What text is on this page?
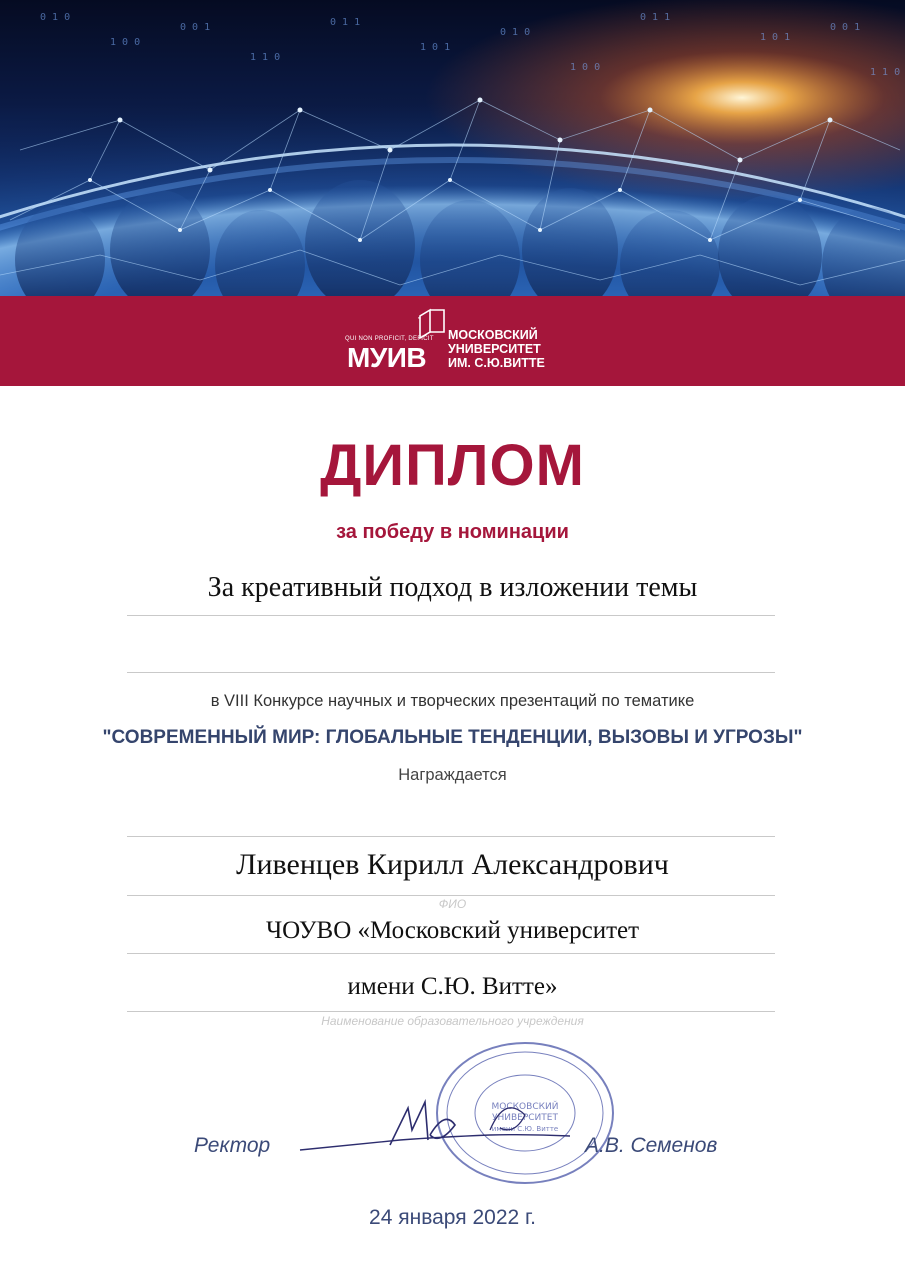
0 1 0
1 0 0
0 0 1
1 1 0
0 1 1
1 0 1
0 1 0
1 0 0
0 1 1
1 0 1
0 0 1
1 1 0
QUI NON PROFICIT, DEFICIT
МУИВ
МОСКОВСКИЙ
УНИВЕРСИТЕТ
ИМ. С.Ю.ВИТТЕ
ДИПЛОМ
за победу в номинации
За креативный подход в изложении темы
в VIII Конкурсе научных и творческих презентаций по тематике
"СОВРЕМЕННЫЙ МИР: ГЛОБАЛЬНЫЕ ТЕНДЕНЦИИ, ВЫЗОВЫ И УГРОЗЫ"
Награждается
Ливенцев Кирилл Александрович
ФИО
ЧОУВО «Московский университет
имени С.Ю. Витте»
Наименование образовательного учреждения
МОСКОВСКИЙ
УНИВЕРСИТЕТ
имени С.Ю. Витте
Ректор	А.В. Семенов
24 января 2022 г.
